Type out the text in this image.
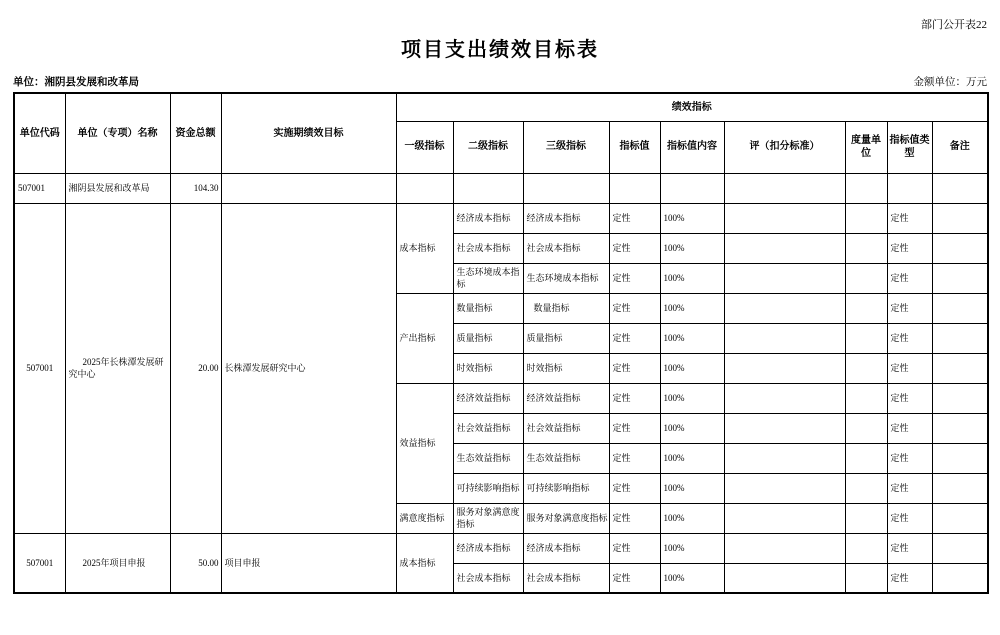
部门公开表22
项目支出绩效目标表
单位：湘阴县发展和改革局	金额单位：万元
单位代码	单位（专项）名称	资金总额	实施期绩效目标	绩效指标								
				一级指标	二级指标	三级指标	指标值	指标值内容	评（扣分标准）	度量单位	指标值类型	备注
507001	湘阴县发展和改革局	104.30										
507001	2025年长株潭发展研究中心	20.00	长株潭发展研究中心	成本指标	经济成本指标	经济成本指标	定性	100%			定性	
					社会成本指标	社会成本指标	定性	100%			定性	
					生态环境成本指标	生态环境成本指标	定性	100%			定性	
				产出指标	数量指标	数量指标	定性	100%			定性	
					质量指标	质量指标	定性	100%			定性	
					时效指标	时效指标	定性	100%			定性	
				效益指标	经济效益指标	经济效益指标	定性	100%			定性	
					社会效益指标	社会效益指标	定性	100%			定性	
					生态效益指标	生态效益指标	定性	100%			定性	
					可持续影响指标	可持续影响指标	定性	100%			定性	
				满意度指标	服务对象满意度指标	服务对象满意度指标	定性	100%			定性	
507001	2025年项目申报	50.00	项目申报	成本指标	经济成本指标	经济成本指标	定性	100%			定性	
					社会成本指标	社会成本指标	定性	100%			定性	
